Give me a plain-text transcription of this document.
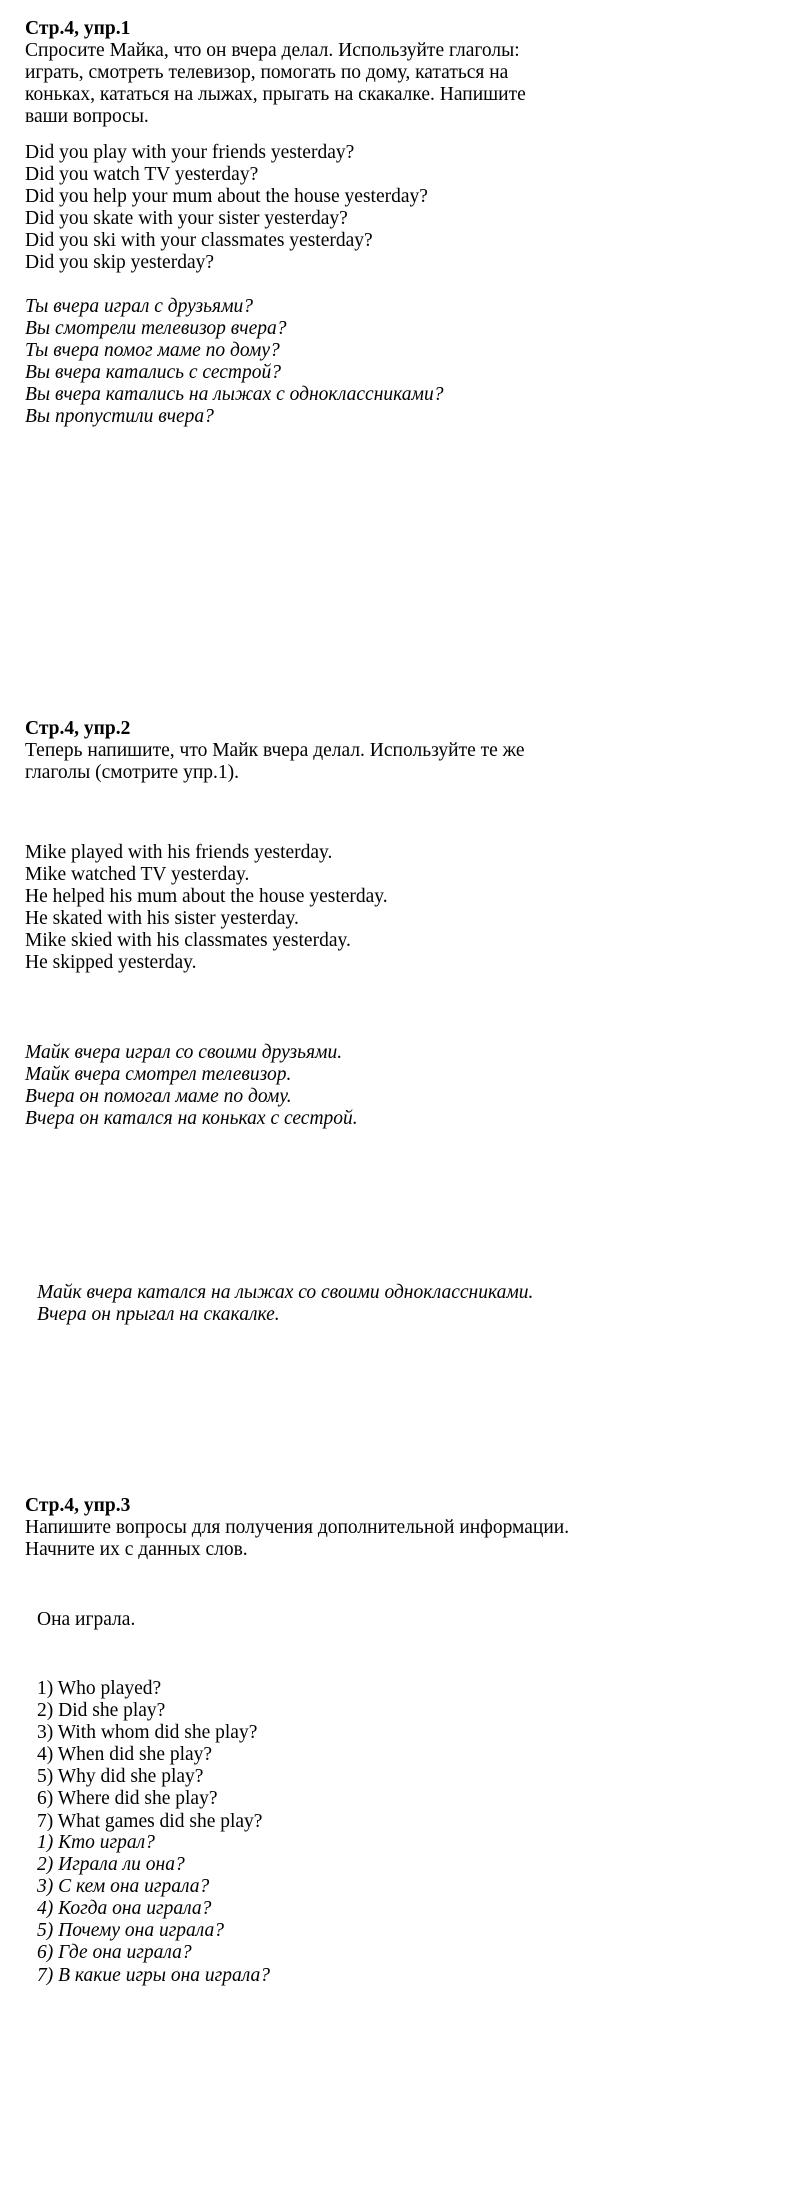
Стр.4, упр.1
Спросите Майка, что он вчера делал. Используйте глаголы:
играть, смотреть телевизор, помогать по дому, кататься на
коньках, кататься на лыжах, прыгать на скакалке. Напишите
ваши вопросы.
Did you play with your friends yesterday?
Did you watch TV yesterday?
Did you help your mum about the house yesterday?
Did you skate with your sister yesterday?
Did you ski with your classmates yesterday?
Did you skip yesterday?
Ты вчера играл с друзьями?
Вы смотрели телевизор вчера?
Ты вчера помог маме по дому?
Вы вчера катались с сестрой?
Вы вчера катались на лыжах с одноклассниками?
Вы пропустили вчера?
Стр.4, упр.2
Теперь напишите, что Майк вчера делал. Используйте те же
глаголы (смотрите упр.1).
Mike played with his friends yesterday.
Mike watched TV yesterday.
He helped his mum about the house yesterday.
He skated with his sister yesterday.
Mike skied with his classmates yesterday.
He skipped yesterday.
Майк вчера играл со своими друзьями.
Майк вчера смотрел телевизор.
Вчера он помогал маме по дому.
Вчера он катался на коньках с сестрой.
Майк вчера катался на лыжах со своими одноклассниками.
Вчера он прыгал на скакалке.
Стр.4, упр.3
Напишите вопросы для получения дополнительной информации.
Начните их с данных слов.
Она играла.
1) Who played?
2) Did she play?
3) With whom did she play?
4) When did she play?
5) Why did she play?
6) Where did she play?
7) What games did she play?
1) Кто играл?
2) Играла ли она?
3) С кем она играла?
4) Когда она играла?
5) Почему она играла?
6) Где она играла?
7) В какие игры она играла?
